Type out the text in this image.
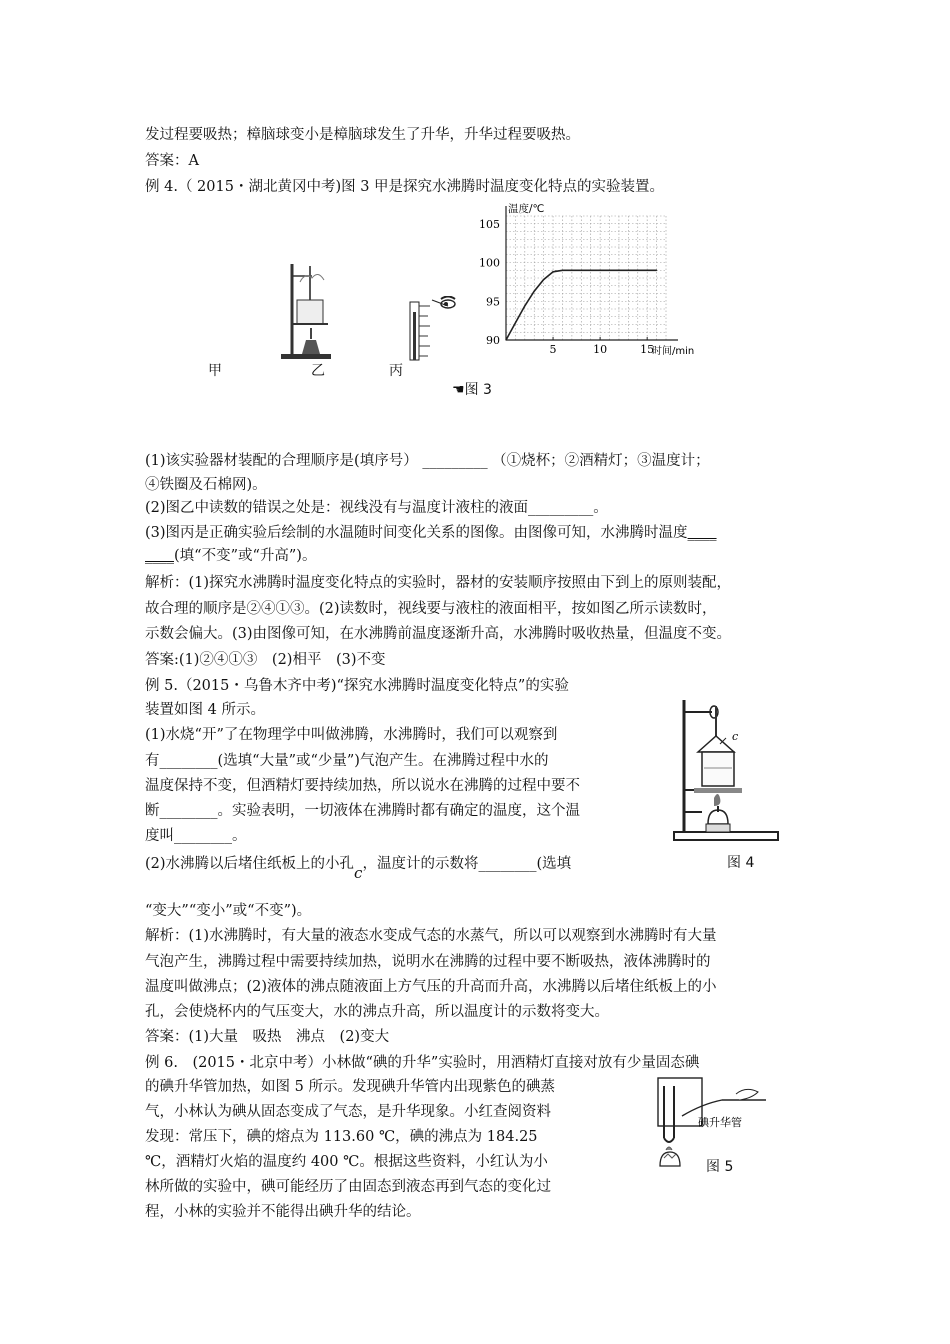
发过程要吸热；樟脑球变小是樟脑球发生了升华，升华过程要吸热。
答案：A
例 4.（ 2015・湖北黄冈中考)图 3 甲是探究水沸腾时温度变化特点的实验装置。
甲	乙	丙
90
95
100
105
5	10	15
温度/℃
时间/min
☚图 3
(1)该实验器材装配的合理顺序是(填序号） _________ （①烧杯；②酒精灯；③温度计；
④铁圈及石棉网)。
(2)图乙中读数的错误之处是：视线没有与温度计液柱的液面_________。
(3)图丙是正确实验后绘制的水温随时间变化关系的图像。由图像可知，水沸腾时温度____
____(填“不变”或“升高”)。
解析：(1)探究水沸腾时温度变化特点的实验时，器材的安装顺序按照由下到上的原则装配，
故合理的顺序是②④①③。(2)读数时，视线要与液柱的液面相平，按如图乙所示读数时，
示数会偏大。(3)由图像可知，在水沸腾前温度逐渐升高，水沸腾时吸收热量，但温度不变。
答案:(1)②④①③　(2)相平　(3)不变
例 5.（2015・乌鲁木齐中考)“探究水沸腾时温度变化特点”的实验
装置如图 4 所示。
(1)水烧“开”了在物理学中叫做沸腾，水沸腾时，我们可以观察到
有________(选填“大量”或“少量”)气泡产生。在沸腾过程中水的
温度保持不变，但酒精灯要持续加热，所以说水在沸腾的过程中要不
断________。实验表明，一切液体在沸腾时都有确定的温度，这个温
度叫________。
(2)水沸腾以后堵住纸板上的小孔c，温度计的示数将________(选填
c
图 4
“变大”“变小”或“不变”)。
解析：(1)水沸腾时，有大量的液态水变成气态的水蒸气，所以可以观察到水沸腾时有大量
气泡产生，沸腾过程中需要持续加热，说明水在沸腾的过程中要不断吸热，液体沸腾时的
温度叫做沸点；(2)液体的沸点随液面上方气压的升高而升高，水沸腾以后堵住纸板上的小
孔，会使烧杯内的气压变大，水的沸点升高，所以温度计的示数将变大。
答案：(1)大量　吸热　沸点　(2)变大
例 6.　(2015・北京中考）小林做“碘的升华”实验时，用酒精灯直接对放有少量固态碘
的碘升华管加热，如图 5 所示。发现碘升华管内出现紫色的碘蒸
气，小林认为碘从固态变成了气态，是升华现象。小红查阅资料
发现：常压下，碘的熔点为 113.60 ℃，碘的沸点为 184.25
℃，酒精灯火焰的温度约 400 ℃。根据这些资料，小红认为小
林所做的实验中，碘可能经历了由固态到液态再到气态的变化过
程，小林的实验并不能得出碘升华的结论。
碘升华管
图 5
